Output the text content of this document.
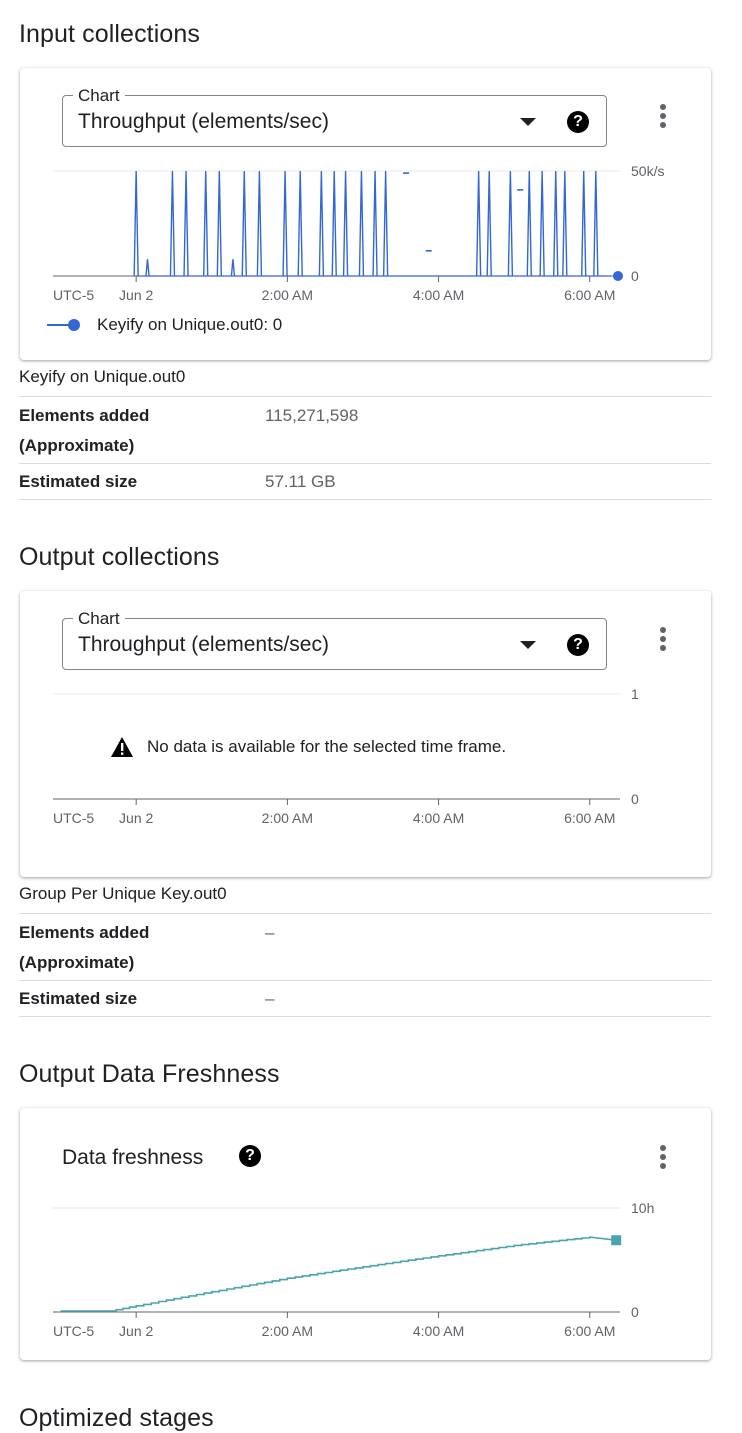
Input collections
Chart
Throughput (elements/sec)	?
0
50k/s
UTC-5 Jun 2	2:00 AM	4:00 AM	6:00 AM
Keyify on Unique.out0: 0
Keyify on Unique.out0
Elements added
(Approximate)
115,271,598
Estimated size	57.11 GB
Output collections
Chart
Throughput (elements/sec)	?
0
1
UTC-5 Jun 2	2:00 AM	4:00 AM	6:00 AM
No data is available for the selected time frame.
Group Per Unique Key.out0
Elements added
(Approximate)
–
Estimated size	–
Output Data Freshness
Data freshness	?
0
10h
UTC-5 Jun 2	2:00 AM	4:00 AM	6:00 AM
Optimized stages
